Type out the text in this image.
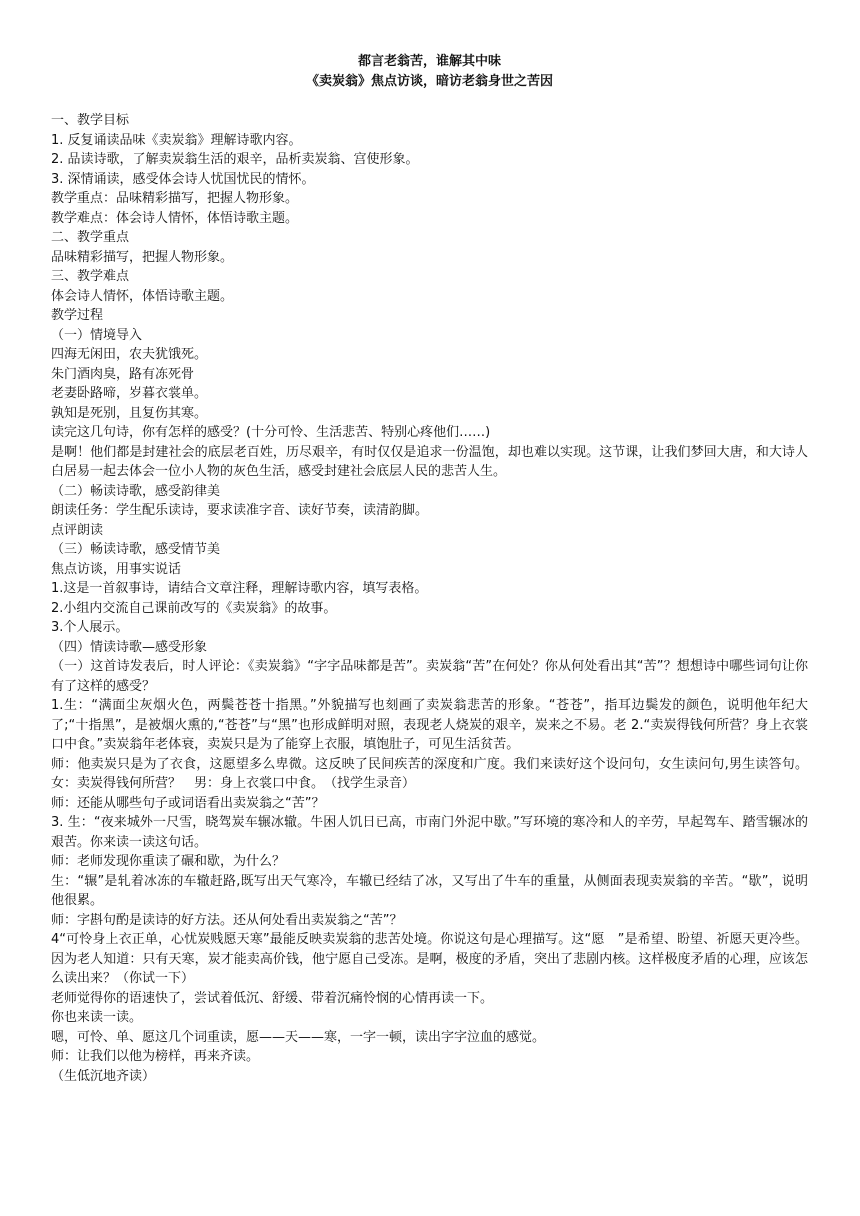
都言老翁苦，谁解其中味
《卖炭翁》焦点访谈，暗访老翁身世之苦因
一、教学目标
1. 反复诵读品味《卖炭翁》理解诗歌内容。
2. 品读诗歌，了解卖炭翁生活的艰辛，品析卖炭翁、宫使形象。
3. 深情诵读，感受体会诗人忧国忧民的情怀。
教学重点：品味精彩描写，把握人物形象。
教学难点：体会诗人情怀，体悟诗歌主题。
二、教学重点
品味精彩描写，把握人物形象。
三、教学难点
体会诗人情怀，体悟诗歌主题。
教学过程
（一）情境导入
四海无闲田，农夫犹饿死。
朱门酒肉臭，路有冻死骨
老妻卧路啼，岁暮衣裳单。
孰知是死别，且复伤其寒。
读完这几句诗，你有怎样的感受？(十分可怜、生活悲苦、特别心疼他们……)
是啊！他们都是封建社会的底层老百姓，历尽艰辛，有时仅仅是追求一份温饱，却也难以实现。这节课，让我们梦回大唐，和大诗人白居易一起去体会一位小人物的灰色生活，感受封建社会底层人民的悲苦人生。
（二）畅读诗歌，感受韵律美
朗读任务：学生配乐读诗，要求读准字音、读好节奏，读清韵脚。
点评朗读
（三）畅读诗歌，感受情节美
焦点访谈，用事实说话
1.这是一首叙事诗，请结合文章注释，理解诗歌内容，填写表格。
2.小组内交流自己课前改写的《卖炭翁》的故事。
3.个人展示。
（四）情读诗歌—感受形象
（一）这首诗发表后，时人评论：《卖炭翁》“字字品味都是苦”。卖炭翁“苦”在何处？你从何处看出其“苦”？想想诗中哪些词句让你有了这样的感受？
1.生：“满面尘灰烟火色，两鬓苍苍十指黑。”外貌描写也刻画了卖炭翁悲苦的形象。“苍苍”，指耳边鬓发的颜色，说明他年纪大了;“十指黑”，是被烟火熏的,“苍苍”与“黑”也形成鲜明对照，表现老人烧炭的艰辛，炭来之不易。老 2.“卖炭得钱何所营？身上衣裳口中食。”卖炭翁年老体衰，卖炭只是为了能穿上衣服，填饱肚子，可见生活贫苦。
师：他卖炭只是为了衣食，这愿望多么卑微。这反映了民间疾苦的深度和广度。我们来读好这个设问句，女生读问句,男生读答句。女：卖炭得钱何所营？　男：身上衣裳口中食。　（找学生录音）
师：还能从哪些句子或词语看出卖炭翁之“苦”？
3. 生：“夜来城外一尺雪，晓驾炭车辗冰辙。牛困人饥日已高，市南门外泥中歇。”写环境的寒冷和人的辛劳，早起驾车、踏雪辗冰的艰苦。你来读一读这句话。
师：老师发现你重读了碾和歇，为什么？
生：“辗”是轧着冰冻的车辙赶路,既写出天气寒冷，车辙已经结了冰，又写出了牛车的重量，从侧面表现卖炭翁的辛苦。“歇”，说明他很累。
师：字斟句酌是读诗的好方法。还从何处看出卖炭翁之“苦”？
4“可怜身上衣正单，心忧炭贱愿天寒”最能反映卖炭翁的悲苦处境。你说这句是心理描写。这“愿　”是希望、盼望、祈愿天更冷些。因为老人知道：只有天寒，炭才能卖高价钱，他宁愿自己受冻。是啊，极度的矛盾，突出了悲剧内核。这样极度矛盾的心理，应该怎么读出来？（你试一下）
老师觉得你的语速快了，尝试着低沉、舒缓、带着沉痛怜悯的心情再读一下。
你也来读一读。
嗯，可怜、单、愿这几个词重读，愿——天——寒，一字一顿，读出字字泣血的感觉。
师：让我们以他为榜样，再来齐读。
（生低沉地齐读）
